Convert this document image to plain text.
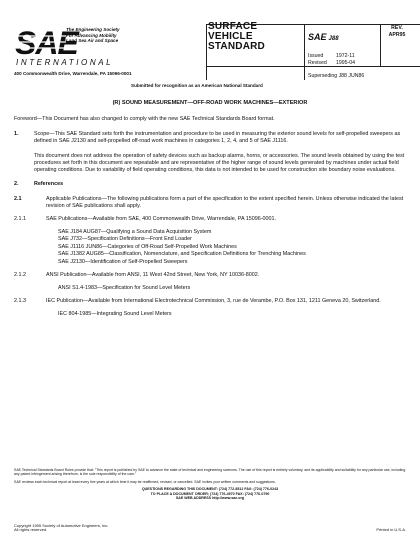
SAE
The Engineering Society
For Advancing Mobility
Land Sea Air and Space
INTERNATIONAL
400 Commonwealth Drive, Warrendale, PA 15096-0001
SURFACE
VEHICLE
STANDARD
SAE J88
REV.
APR95
Issued 1972-11
Revised 1995-04
Superseding J88 JUN86
Submitted for recognition as an American National Standard
(R) SOUND MEASUREMENT—OFF-ROAD WORK MACHINES—EXTERIOR

Foreword—This Document has also changed to comply with the new SAE Technical Standards Board format.

1.	Scope—This SAE Standard sets forth the instrumentation and procedure to be used in measuring the exterior sound levels for self-propelled sweepers as defined in SAE J2130 and self-propelled off-road work machines in categories 1, 2, 4, and 5 of SAE J1116.

This document does not address the operation of safety devices such as backup alarms, horns, or accessories. The sound levels obtained by using the test procedures set forth in this document are repeatable and are representative of the higher range of sound levels generated by machines under actual field operating conditions. Due to variability of field operating conditions, this data is not intended to be used for construction site boundary noise evaluations.

2.	References

2.1	Applicable Publications—The following publications form a part of the specification to the extent specified herein. Unless otherwise indicated the latest revision of SAE publications shall apply.

2.1.1	SAE Publications—Available from SAE, 400 Commonwealth Drive, Warrendale, PA 15096-0001.

SAE J184 AUG87—Qualifying a Sound Data Acquisition System

SAE J732—Specification Definitions—Front End Loader

SAE J1116 JUN86—Categories of Off-Road Self-Propelled Work Machines

SAE J1382 AUG85—Classification, Nomenclature, and Specification Definitions for Trenching Machines

SAE J2130—Identification of Self-Propelled Sweepers

2.1.2	ANSI Publication—Available from ANSI, 11 West 42nd Street, New York, NY 10036-8002.

ANSI S1.4-1983—Specification for Sound Level Meters

2.1.3	IEC Publication—Available from International Electrotechnical Commission, 3, rue de Verambe, P.O. Box 131, 1211 Geneva 20, Switzerland.

IEC 804-1985—Integrating Sound Level Meters

SAE Technical Standards Board Rules provide that: "This report is published by SAE to advance the state of technical and engineering sciences. The use of this report is entirely voluntary, and its applicability and suitability for any particular use, including any patent infringement arising therefrom, is the sole responsibility of the user."
SAE reviews each technical report at least every five years at which time it may be reaffirmed, revised, or cancelled. SAE invites your written comments and suggestions.
QUESTIONS REGARDING THIS DOCUMENT: (724) 772-8512 FAX: (724) 776-0243
TO PLACE A DOCUMENT ORDER; (724) 776-4970 FAX: (724) 776-0790
SAE WEB ADDRESS http://www.sae.org
Copyright 1995 Society of Automotive Engineers, Inc.
All rights reserved.	Printed in U.S.A.
